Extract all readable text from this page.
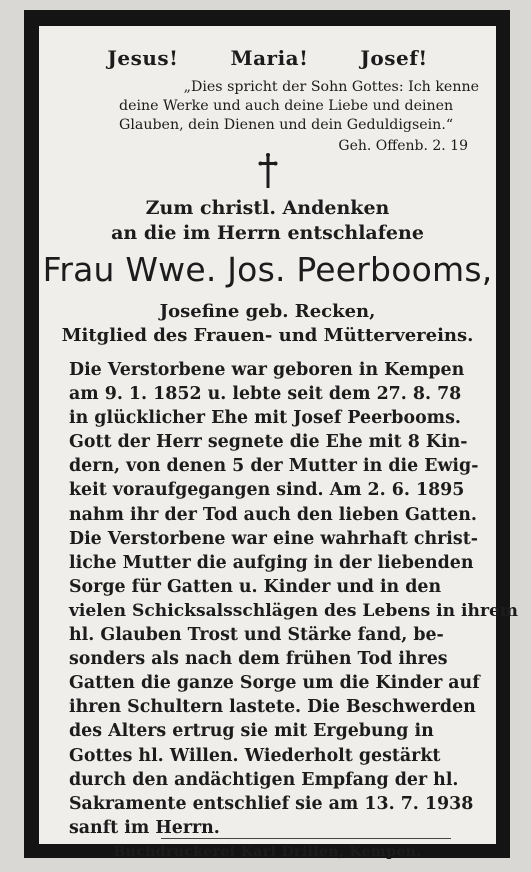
Jesus!	Maria!	Josef!
„Dies spricht der Sohn Gottes: Ich kenne
deine Werke und auch deine Liebe und deinen
Glauben, dein Dienen und dein Geduldigsein.“
Geh. Offenb. 2. 19
Zum christl. Andenken
an die im Herrn entschlafene
Frau Wwe. Jos. Peerbooms,
Josefine geb. Recken,
Mitglied des Frauen- und Müttervereins.
Die Verstorbene war geboren in Kempen
am 9. 1. 1852 u. lebte seit dem 27. 8. 78
in glücklicher Ehe mit Josef Peerbooms.
Gott der Herr segnete die Ehe mit 8 Kin-
dern, von denen 5 der Mutter in die Ewig-
keit voraufgegangen sind. Am 2. 6. 1895
nahm ihr der Tod auch den lieben Gatten.
Die Verstorbene war eine wahrhaft christ-
liche Mutter die aufging in der liebenden
Sorge für Gatten u. Kinder und in den
vielen Schicksalsschlägen des Lebens in ihrem
hl. Glauben Trost und Stärke fand, be-
sonders als nach dem frühen Tod ihres
Gatten die ganze Sorge um die Kinder auf
ihren Schultern lastete. Die Beschwerden
des Alters ertrug sie mit Ergebung in
Gottes hl. Willen. Wiederholt gestärkt
durch den andächtigen Empfang der hl.
Sakramente entschlief sie am 13. 7. 1938
sanft im Herrn.
Buchdruckerei Karl Drillen, Kempen.
